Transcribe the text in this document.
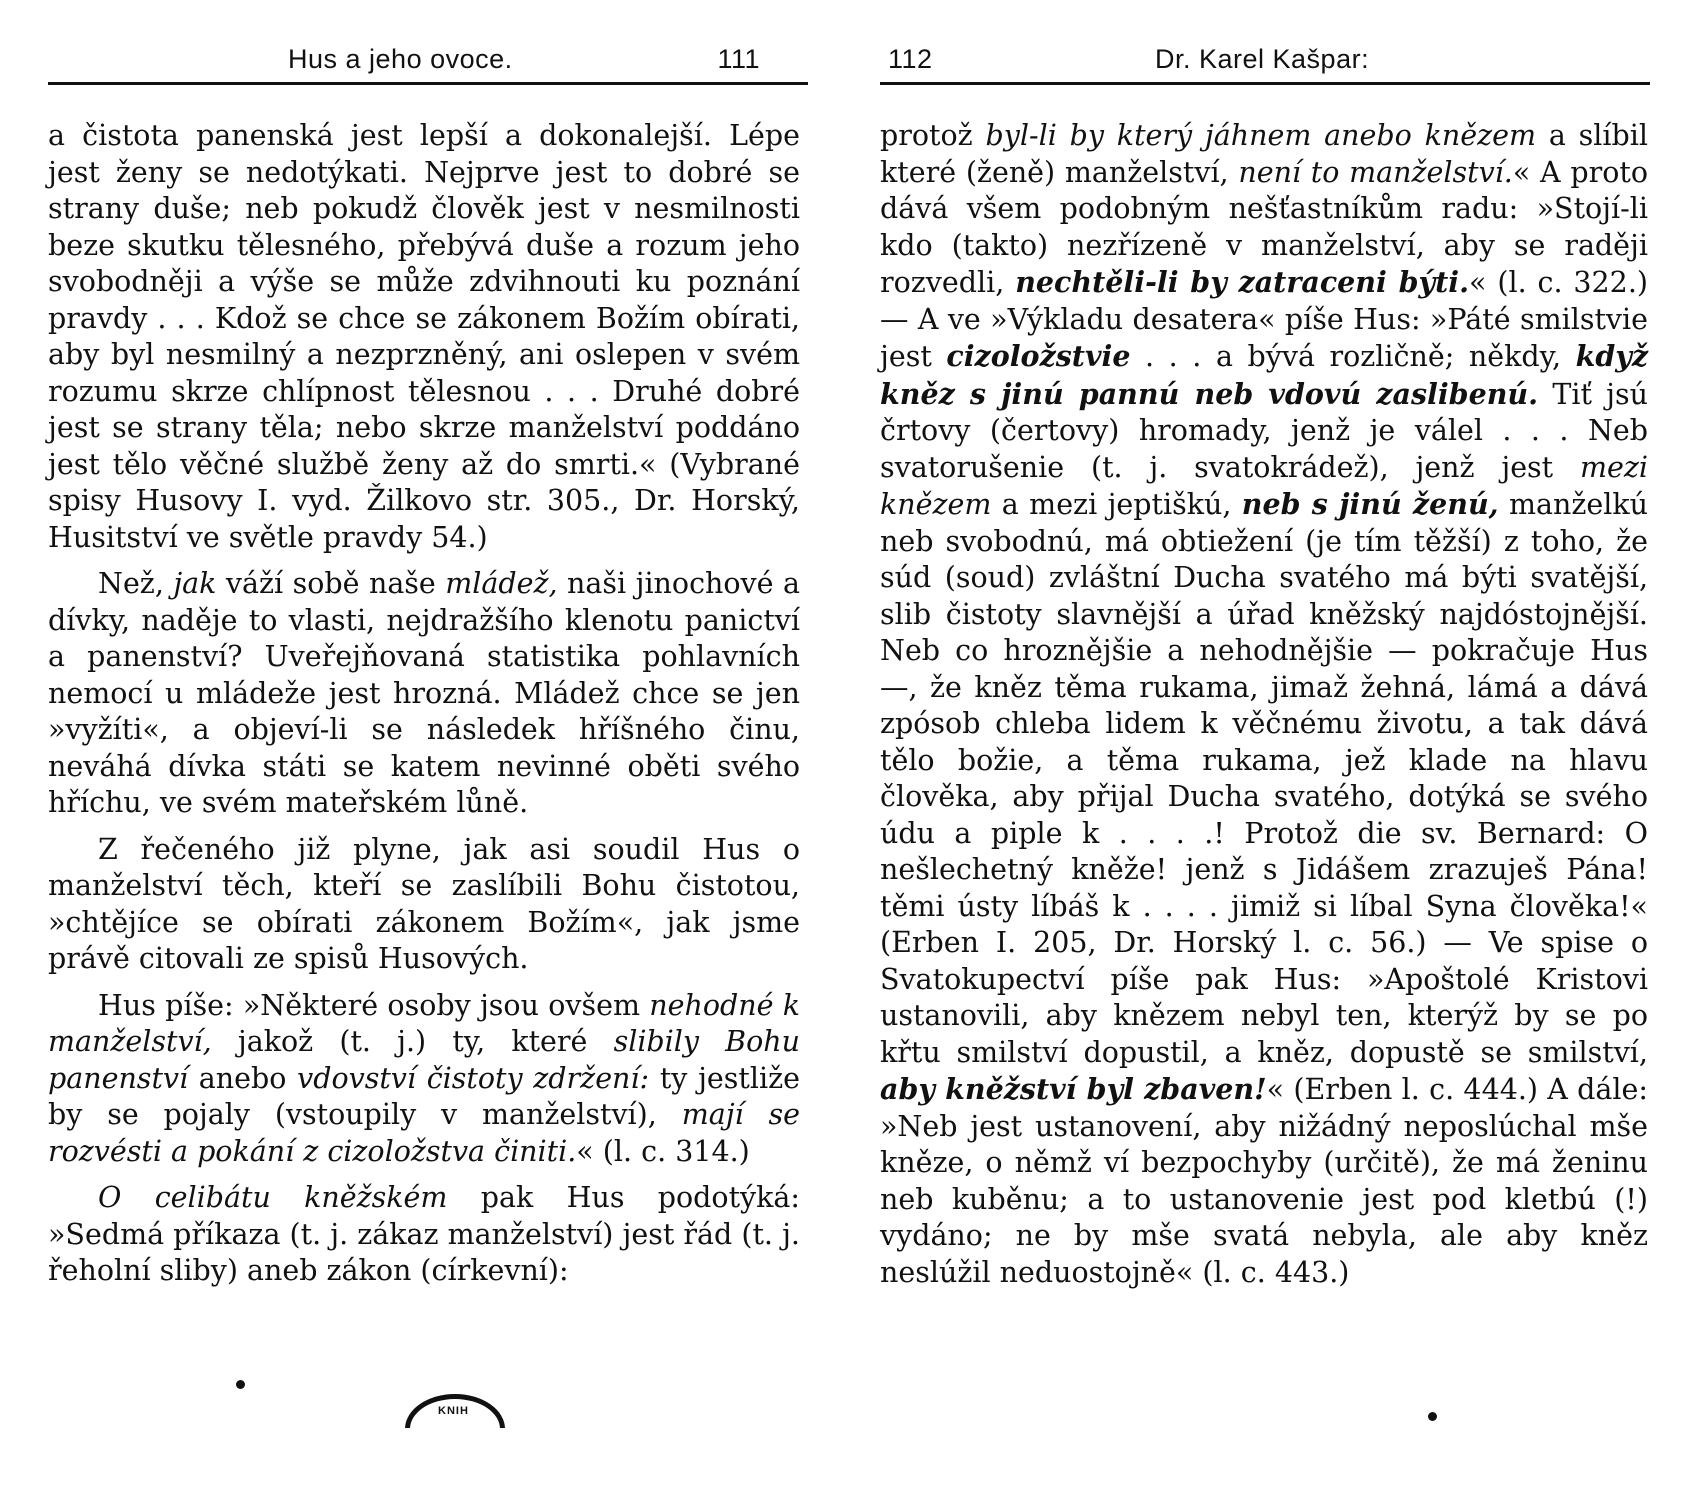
Hus a jeho ovoce.	111

a čistota panenská jest lepší a dokonalejší. Lépe jest ženy se nedotýkati. Nejprve jest to dobré se strany duše; neb pokudž člověk jest v nesmilnosti beze skutku tělesného, přebývá duše a rozum jeho svobodněji a výše se může zdvihnouti ku poznání pravdy . . . Kdož se chce se zákonem Božím obírati, aby byl nesmilný a nezprzněný, ani oslepen v svém rozumu skrze chlípnost tělesnou . . . Druhé dobré jest se strany těla; nebo skrze manželství poddáno jest tělo věčné službě ženy až do smrti.« (Vybrané spisy Husovy I. vyd. Žilkovo str. 305., Dr. Horský, Husitství ve světle pravdy 54.)

Než, jak váží sobě naše mládež, naši jinochové a dívky, naděje to vlasti, nejdražšího klenotu panictví a panenství? Uveřejňovaná statistika pohlavních nemocí u mládeže jest hrozná. Mládež chce se jen »vyžíti«, a objeví-li se následek hříšného činu, neváhá dívka státi se katem nevinné oběti svého hříchu, ve svém mateřském lůně.

Z řečeného již plyne, jak asi soudil Hus o manželství těch, kteří se zaslíbili Bohu čistotou, »chtějíce se obírati zákonem Božím«, jak jsme právě citovali ze spisů Husových.

Hus píše: »Některé osoby jsou ovšem nehodné k manželství, jakož (t. j.) ty, které slibily Bohu panenství anebo vdovství čistoty zdržení: ty jestliže by se pojaly (vstoupily v manželství), mají se rozvésti a pokání z cizoložstva činiti.« (l. c. 314.)

O celibátu kněžském pak Hus podotýká: »Sedmá příkaza (t. j. zákaz manželství) jest řád (t. j. řeholní sliby) aneb zákon (církevní):

KNIH
112	Dr. Karel Kašpar:

protož byl-li by který jáhnem anebo knězem a slíbil které (ženě) manželství, není to manželství.« A proto dává všem podobným nešťastníkům radu: »Stojí-li kdo (takto) nezřízeně v manželství, aby se raději rozvedli, nechtěli-li by zatraceni býti.« (l. c. 322.) — A ve »Výkladu desatera« píše Hus: »Páté smilstvie jest cizoložstvie . . . a bývá rozličně; někdy, když kněz s jinú pannú neb vdovú zaslibenú. Tiť jsú črtovy (čertovy) hromady, jenž je válel . . . Neb svatorušenie (t. j. svatokrádež), jenž jest mezi knězem a mezi jeptiškú, neb s jinú ženú, manželkú neb svobodnú, má obtiežení (je tím těžší) z toho, že súd (soud) zvláštní Ducha svatého má býti svatější, slib čistoty slavnější a úřad kněžský najdóstojnější. Neb co hroznějšie a nehodnějšie — pokračuje Hus —, že kněz těma rukama, jimaž žehná, lámá a dává zpósob chleba lidem k věčnému životu, a tak dává tělo božie, a těma rukama, jež klade na hlavu člověka, aby přijal Ducha svatého, dotýká se svého údu a piple k . . . .! Protož die sv. Bernard: O nešlechetný kněže! jenž s Jidášem zrazuješ Pána! těmi ústy líbáš k . . . . jimiž si líbal Syna člověka!« (Erben I. 205, Dr. Horský l. c. 56.) — Ve spise o Svatokupectví píše pak Hus: »Apoštolé Kristovi ustanovili, aby knězem nebyl ten, kterýž by se po křtu smilství dopustil, a kněz, dopustě se smilství, aby kněžství byl zbaven!« (Erben l. c. 444.) A dále: »Neb jest ustanovení, aby nižádný neposlúchal mše kněze, o němž ví bezpochyby (určitě), že má ženinu neb kuběnu; a to ustanovenie jest pod kletbú (!) vydáno; ne by mše svatá nebyla, ale aby kněz neslúžil neduostojně« (l. c. 443.)
